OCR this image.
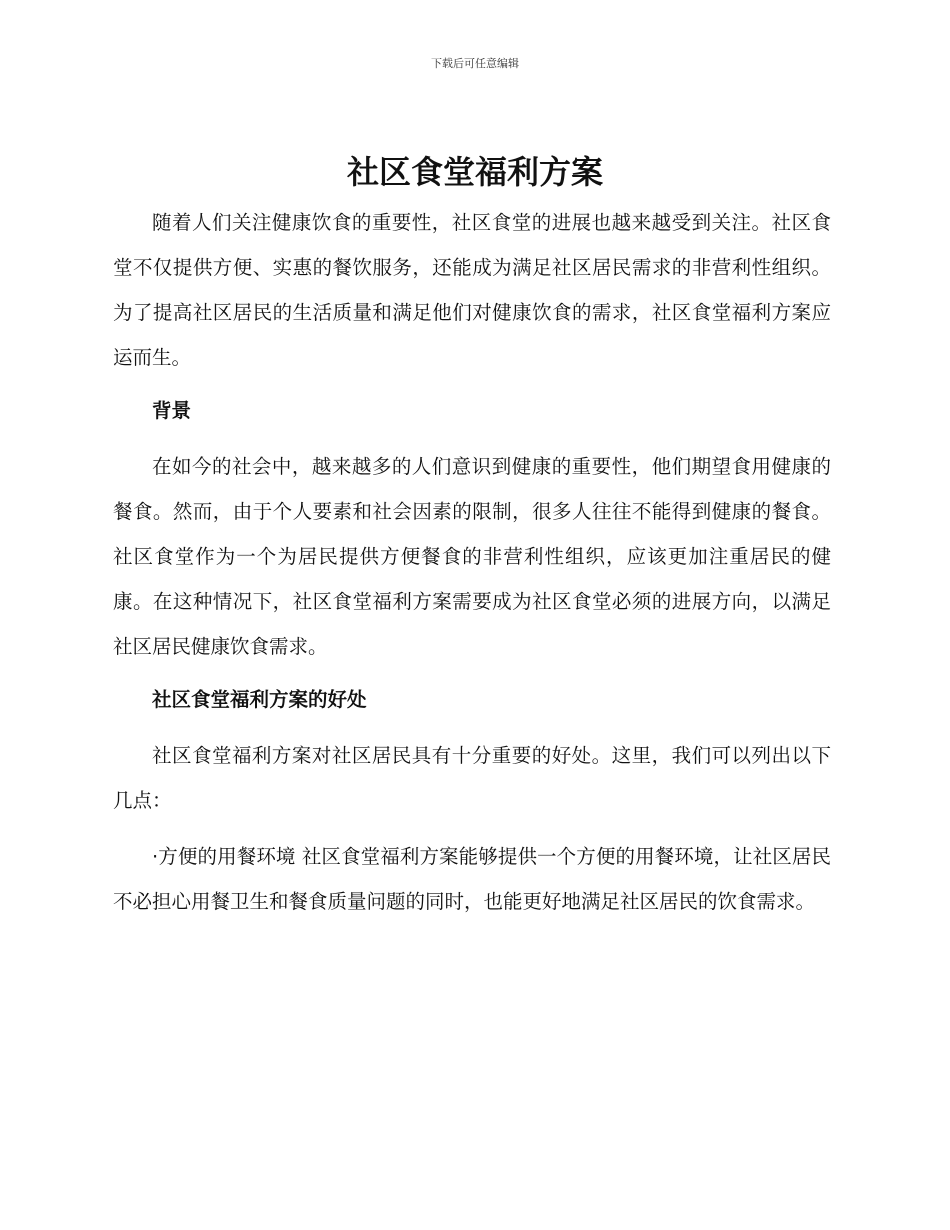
下载后可任意编辑
社区食堂福利方案

随着人们关注健康饮食的重要性，社区食堂的进展也越来越受到关注。社区食堂不仅提供方便、实惠的餐饮服务，还能成为满足社区居民需求的非营利性组织。为了提高社区居民的生活质量和满足他们对健康饮食的需求，社区食堂福利方案应运而生。

背景

在如今的社会中，越来越多的人们意识到健康的重要性，他们期望食用健康的餐食。然而，由于个人要素和社会因素的限制，很多人往往不能得到健康的餐食。社区食堂作为一个为居民提供方便餐食的非营利性组织，应该更加注重居民的健康。在这种情况下，社区食堂福利方案需要成为社区食堂必须的进展方向，以满足社区居民健康饮食需求。

社区食堂福利方案的好处

社区食堂福利方案对社区居民具有十分重要的好处。这里，我们可以列出以下几点：

·方便的用餐环境 社区食堂福利方案能够提供一个方便的用餐环境，让社区居民不必担心用餐卫生和餐食质量问题的同时，也能更好地满足社区居民的饮食需求。
